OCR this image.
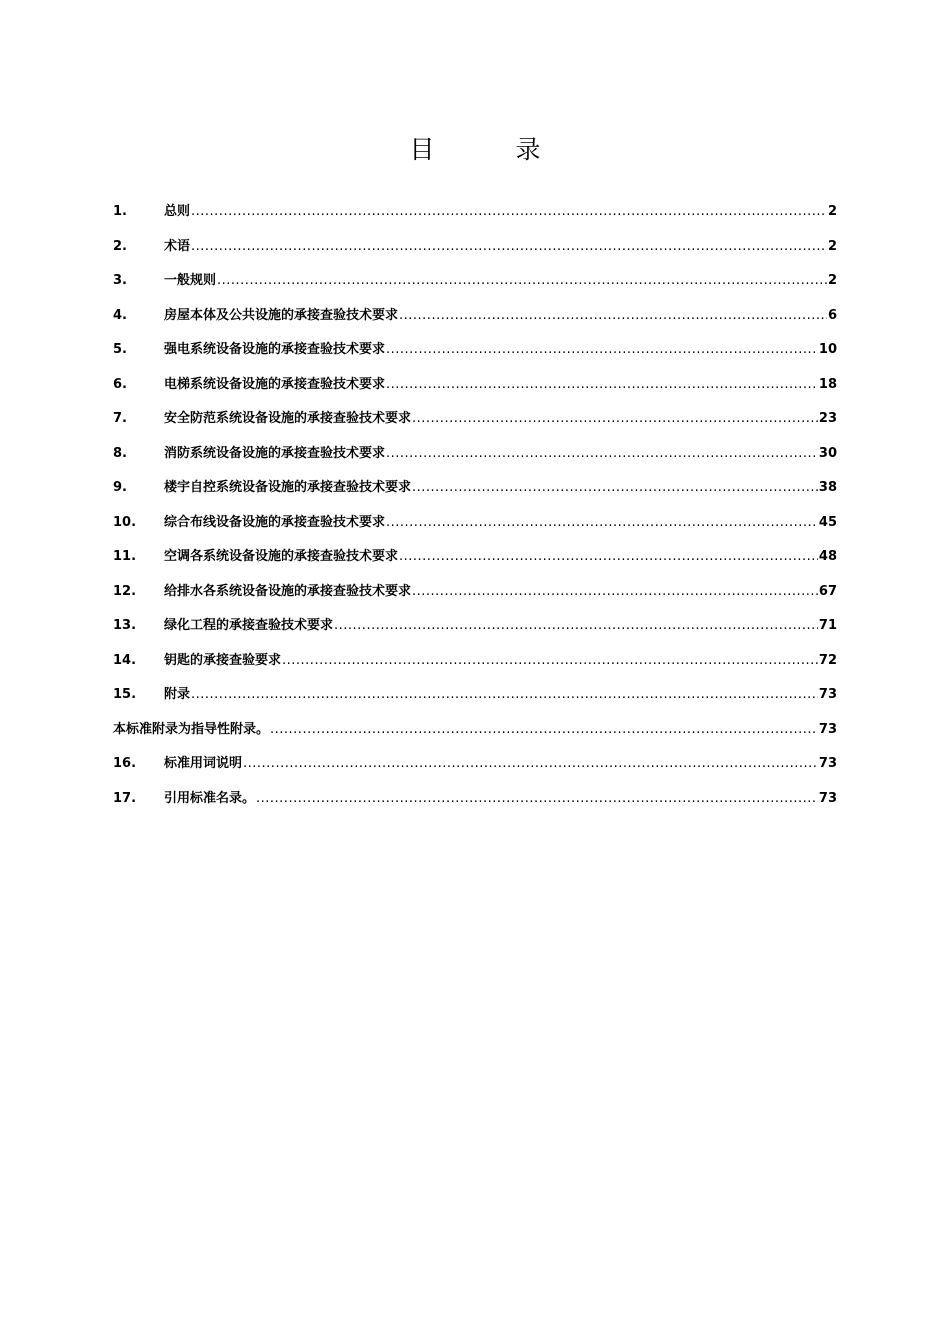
目　录
1.	总则 .....	2
2.	术语 .....	2
3.	一般规则 .....	2
4.	房屋本体及公共设施的承接查验技术要求 .....	6
5.	强电系统设备设施的承接查验技术要求 .....	10
6.	电梯系统设备设施的承接查验技术要求 .....	18
7.	安全防范系统设备设施的承接查验技术要求 .....	23
8.	消防系统设备设施的承接查验技术要求 .....	30
9.	楼宇自控系统设备设施的承接查验技术要求 .....	38
10.	综合布线设备设施的承接查验技术要求 .....	45
11.	空调各系统设备设施的承接查验技术要求 .....	48
12.	给排水各系统设备设施的承接查验技术要求 .....	67
13.	绿化工程的承接查验技术要求 .....	71
14.	钥匙的承接查验要求 .....	72
15.	附录 .....	73
本标准附录为指导性附录。 .....	73
16.	标准用词说明 .....	73
17.	引用标准名录。 .....	73
